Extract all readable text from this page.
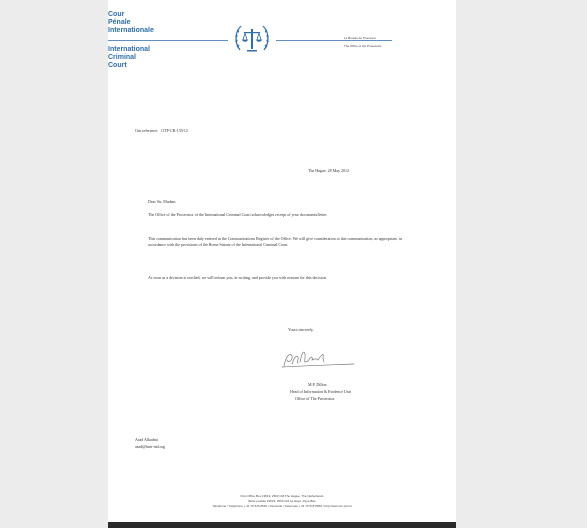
Cour
Pénale
Internationale
Le Bureau du Procureur
The Office of the Prosecutor
International
Criminal
Court
Our reference: OTP-CR-135/12
The Hague, 28 May 2012
Dear Sir, Madam
The Office of the Prosecutor of the International Criminal Court acknowledges receipt of your documents/letter.
This communication has been duly entered in the Communications Register of the Office. We will give consideration to this communication, as appropriate, in accordance with the provisions of the Rome Statute of the International Criminal Court.
As soon as a decision is reached, we will inform you, in writing, and provide you with reasons for this decision.
Yours sincerely,
M.P. Dillon
Head of Information & Evidence Unit
Office of The Prosecutor
Asad Alkadmi
asad@hrm-md.org
Post Office Box 19519, 2500 CM The Hague, The Netherlands
Boîte postale 19519, 2500 CM La Haye, Pays-Bas
Telephone / Téléphone + 31 70 515 8515 / Facsimile / Télécopie + 31 70 515 8555 / http://www.icc-cpi.int
